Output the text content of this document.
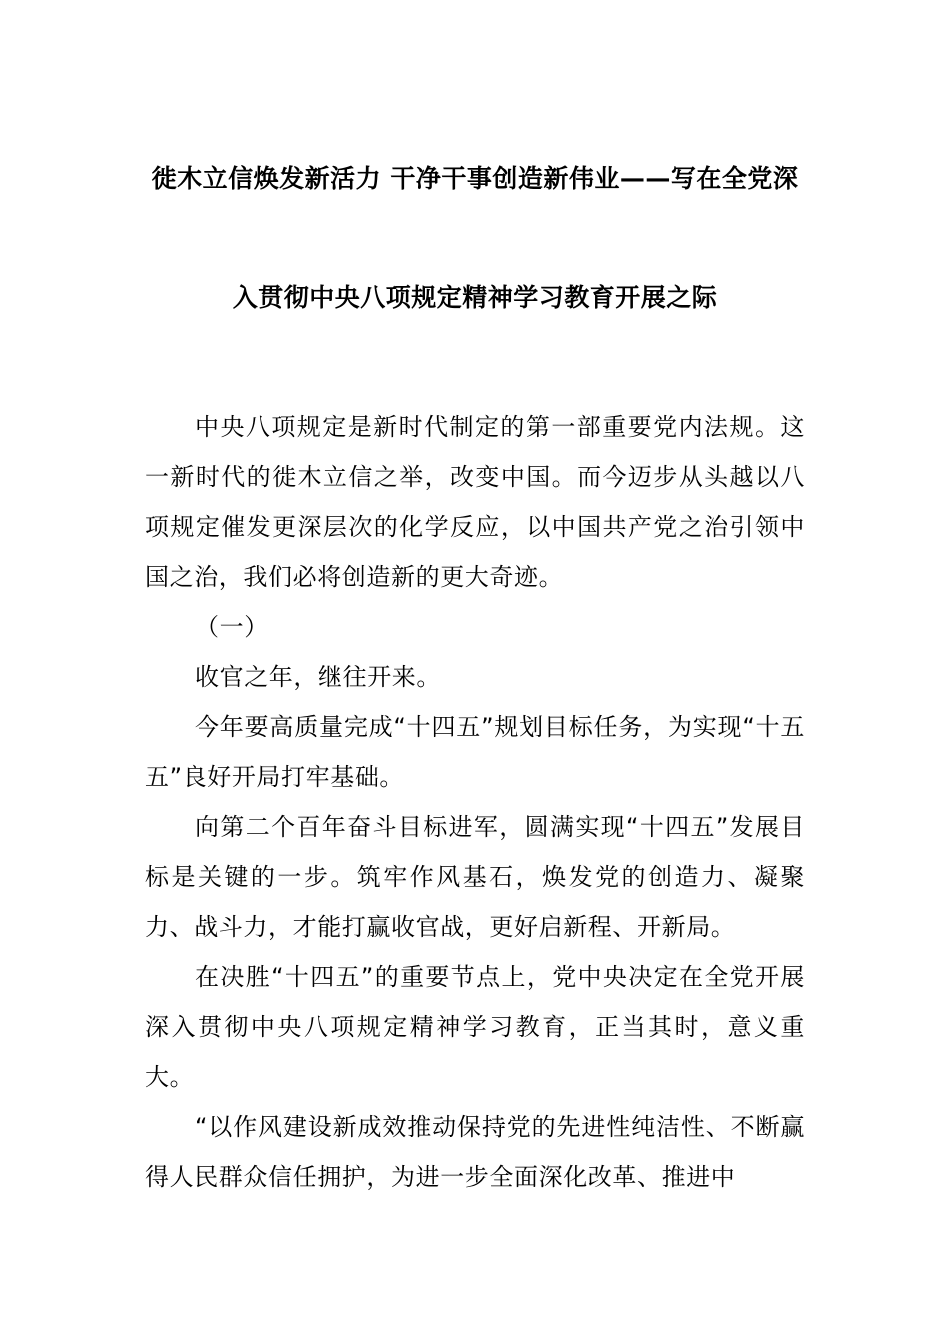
徙木立信焕发新活力 干净干事创造新伟业——写在全党深
入贯彻中央八项规定精神学习教育开展之际

中央八项规定是新时代制定的第一部重要党内法规。这一新时代的徙木立信之举，改变中国。而今迈步从头越以八项规定催发更深层次的化学反应，以中国共产党之治引领中国之治，我们必将创造新的更大奇迹。

（一）

收官之年，继往开来。

今年要高质量完成“十四五”规划目标任务，为实现“十五五”良好开局打牢基础。

向第二个百年奋斗目标进军，圆满实现“十四五”发展目标是关键的一步。筑牢作风基石，焕发党的创造力、凝聚力、战斗力，才能打赢收官战，更好启新程、开新局。

在决胜“十四五”的重要节点上，党中央决定在全党开展深入贯彻中央八项规定精神学习教育，正当其时，意义重大。

“以作风建设新成效推动保持党的先进性纯洁性、不断赢得人民群众信任拥护，为进一步全面深化改革、推进中
